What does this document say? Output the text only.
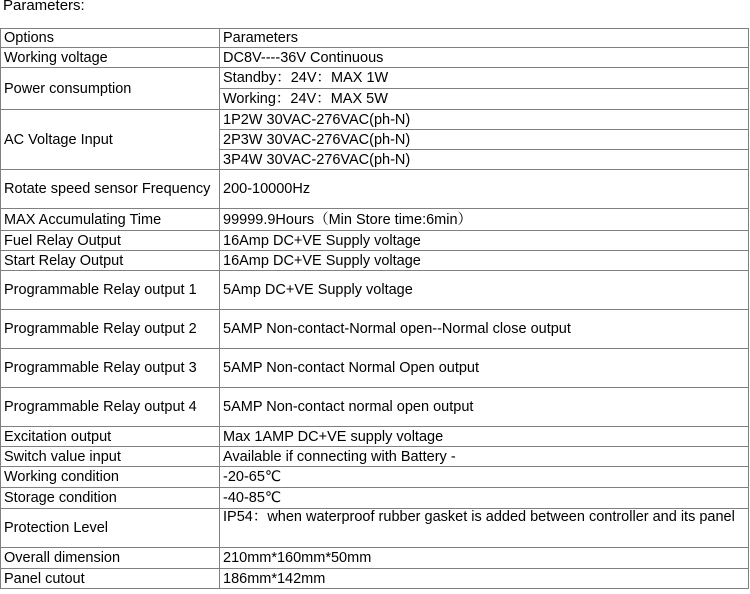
Parameters:
Options	Parameters
Working voltage	DC8V----36V Continuous
Power consumption	Standby：24V：MAX 1W
	Working：24V：MAX 5W
AC Voltage Input	1P2W 30VAC-276VAC(ph-N)
	2P3W 30VAC-276VAC(ph-N)
	3P4W 30VAC-276VAC(ph-N)
Rotate speed sensor Frequency	200-10000Hz
MAX Accumulating Time	99999.9Hours（Min Store time:6min）
Fuel Relay Output	16Amp DC+VE Supply voltage
Start Relay Output	16Amp DC+VE Supply voltage
Programmable Relay output 1	5Amp DC+VE Supply voltage
Programmable Relay output 2	5AMP Non-contact-Normal open--Normal close output
Programmable Relay output 3	5AMP Non-contact Normal Open output
Programmable Relay output 4	5AMP Non-contact normal open output
Excitation output	Max 1AMP DC+VE supply voltage
Switch value input	Available if connecting with Battery -
Working condition	-20-65℃
Storage condition	-40-85℃
Protection Level	IP54：when waterproof rubber gasket is added between controller and its panel
Overall dimension	210mm*160mm*50mm
Panel cutout	186mm*142mm
